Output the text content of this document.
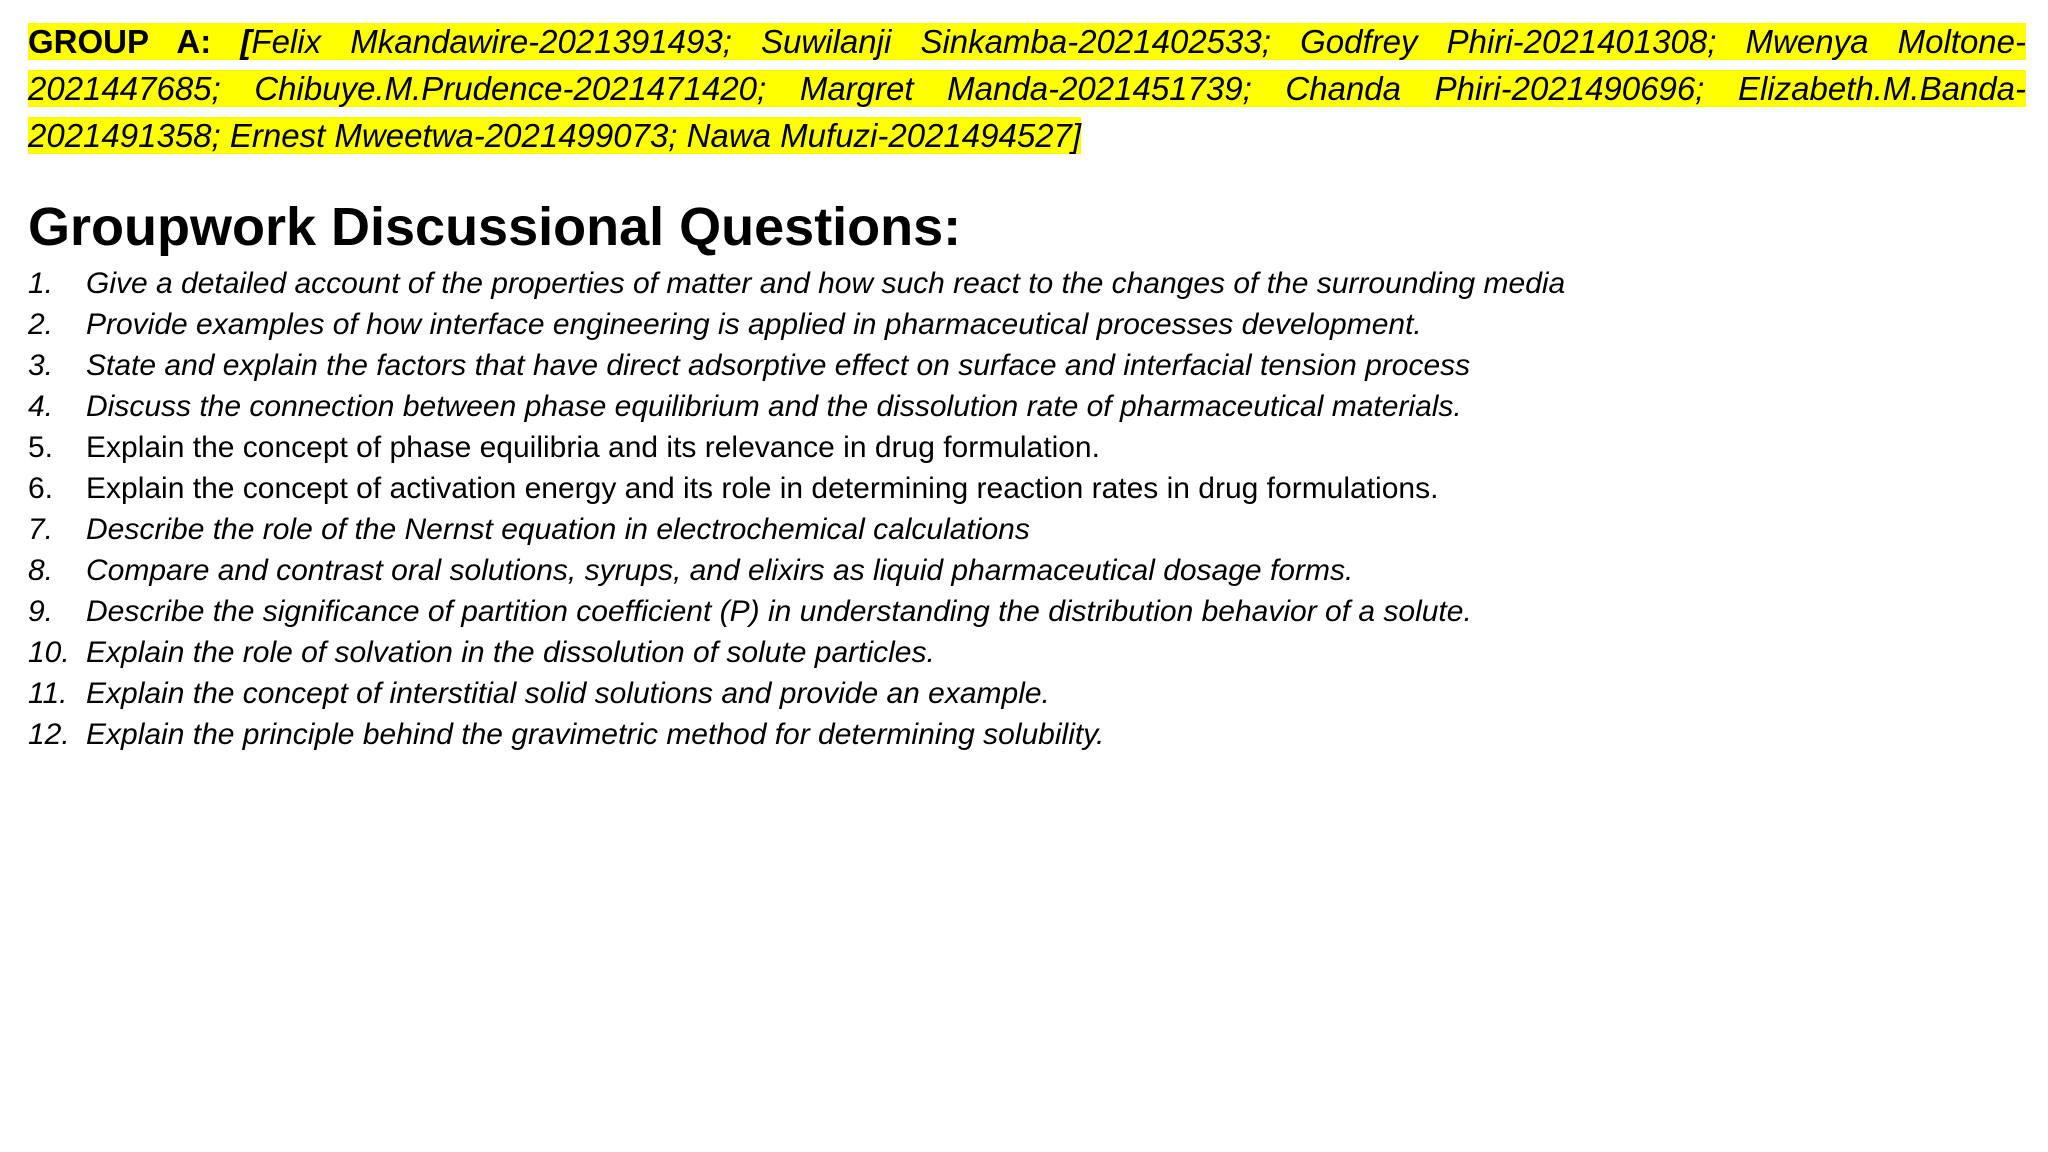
GROUP A: [Felix Mkandawire-2021391493; Suwilanji Sinkamba-2021402533; Godfrey Phiri-2021401308; Mwenya Moltone-2021447685; Chibuye.M.Prudence-2021471420; Margret Manda-2021451739; Chanda Phiri-2021490696; Elizabeth.M.Banda-2021491358; Ernest Mweetwa-2021499073; Nawa Mufuzi-2021494527]

Groupwork Discussional Questions:
1.	Give a detailed account of the properties of matter and how such react to the changes of the surrounding media
2.	Provide examples of how interface engineering is applied in pharmaceutical processes development.
3.	State and explain the factors that have direct adsorptive effect on surface and interfacial tension process
4.	Discuss the connection between phase equilibrium and the dissolution rate of pharmaceutical materials.
5.	Explain the concept of phase equilibria and its relevance in drug formulation.
6.	Explain the concept of activation energy and its role in determining reaction rates in drug formulations.
7.	Describe the role of the Nernst equation in electrochemical calculations
8.	Compare and contrast oral solutions, syrups, and elixirs as liquid pharmaceutical dosage forms.
9.	Describe the significance of partition coefficient (P) in understanding the distribution behavior of a solute.
10. Explain the role of solvation in the dissolution of solute particles.
11. Explain the concept of interstitial solid solutions and provide an example.
12. Explain the principle behind the gravimetric method for determining solubility.
